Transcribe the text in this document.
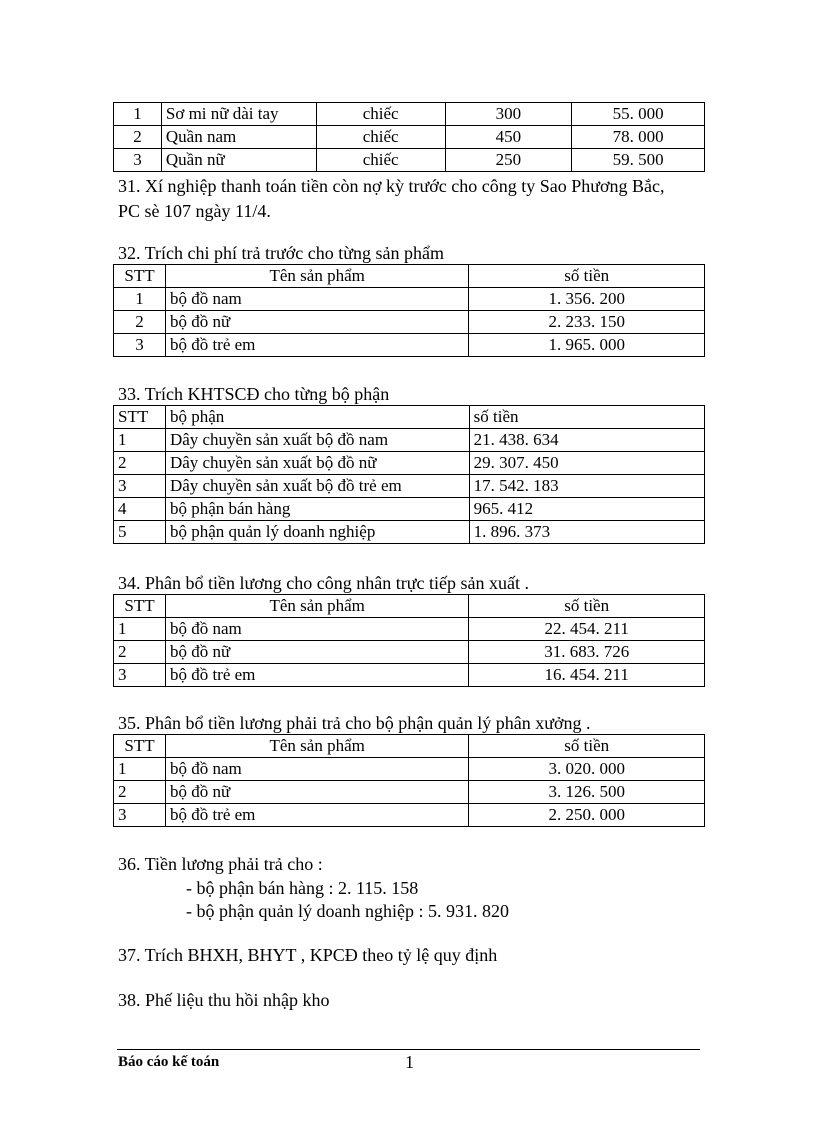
1	Sơ mi nữ dài tay	chiếc	300	55. 000
2	Quần nam	chiếc	450	78. 000
3	Quần nữ	chiếc	250	59. 500
31. Xí nghiệp thanh toán tiền còn nợ kỳ trước cho công ty Sao Phương Bắc,
PC sè 107 ngày 11/4.
32. Trích chi phí trả trước cho từng sản phẩm
STT	Tên sản phẩm	số tiền
1	bộ đồ nam	1. 356. 200
2	bộ đồ nữ	2. 233. 150
3	bộ đồ trẻ em	1. 965. 000
33. Trích KHTSCĐ cho từng bộ phận
STT	bộ phận	số tiền
1	Dây chuyền sản xuất bộ đồ nam	21. 438. 634
2	Dây chuyền sản xuất bộ đồ nữ	29. 307. 450
3	Dây chuyền sản xuất bộ đồ trẻ em	17. 542. 183
4	bộ phận bán hàng	965. 412
5	bộ phận quản lý doanh nghiệp	1. 896. 373
34. Phân bổ tiền lương cho công nhân trực tiếp sản xuất .
STT	Tên sản phẩm	số tiền
1	bộ đồ nam	22. 454. 211
2	bộ đồ nữ	31. 683. 726
3	bộ đồ trẻ em	16. 454. 211
35. Phân bổ tiền lương phải trả cho bộ phận quản lý phân xưởng .
STT	Tên sản phẩm	số tiền
1	bộ đồ nam	3. 020. 000
2	bộ đồ nữ	3. 126. 500
3	bộ đồ trẻ em	2. 250. 000
36. Tiền lương phải trả cho :
- bộ phận bán hàng : 2. 115. 158
- bộ phận quản lý doanh nghiệp : 5. 931. 820
37. Trích BHXH, BHYT , KPCĐ theo tỷ lệ quy định
38. Phế liệu thu hồi nhập kho
Báo cáo kế toán	1
